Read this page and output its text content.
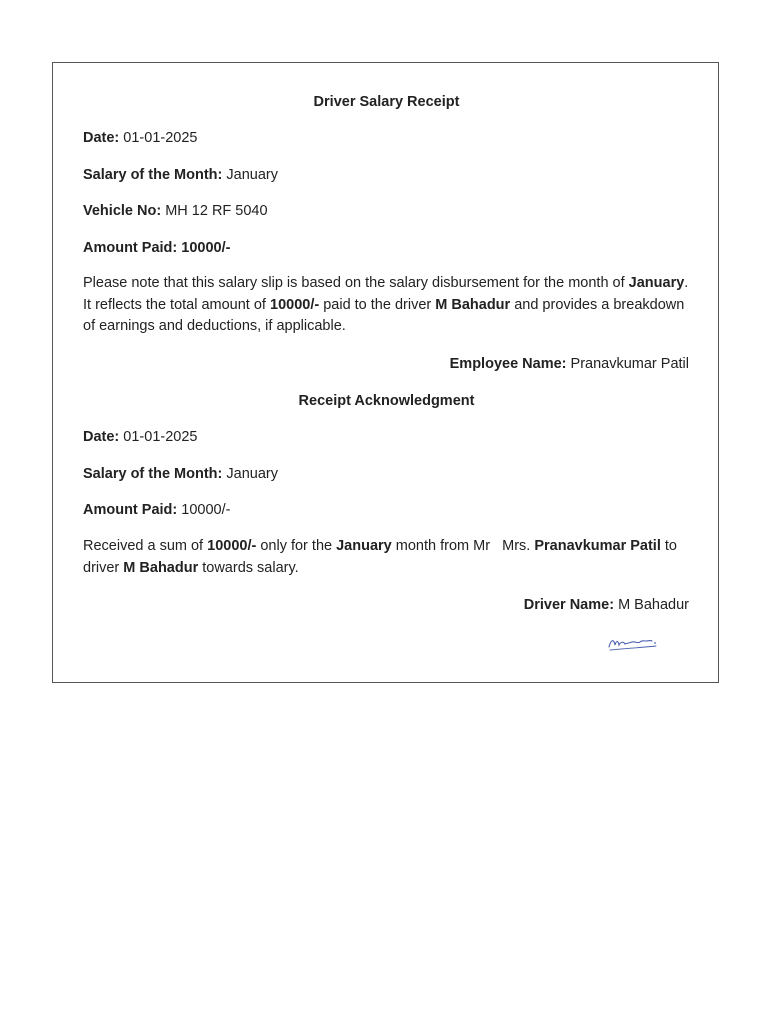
Driver Salary Receipt
Date: 01-01-2025
Salary of the Month: January
Vehicle No: MH 12 RF 5040
Amount Paid: 10000/-
Please note that this salary slip is based on the salary disbursement for the month of January. It reflects the total amount of 10000/- paid to the driver M Bahadur and provides a breakdown of earnings and deductions, if applicable.
Employee Name: Pranavkumar Patil
Receipt Acknowledgment
Date: 01-01-2025
Salary of the Month: January
Amount Paid: 10000/-
Received a sum of 10000/- only for the January month from Mr   Mrs. Pranavkumar Patil to driver M Bahadur towards salary.
Driver Name: M Bahadur
